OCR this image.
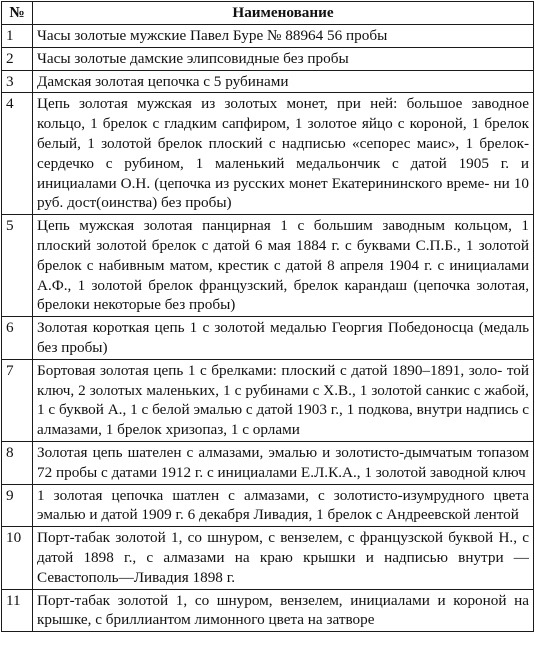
№	Наименование
1	Часы золотые мужские Павел Буре № 88964 56 пробы
2	Часы золотые дамские элипсовидные без пробы
3	Дамская золотая цепочка с 5 рубинами
4	Цепь золотая мужская из золотых монет, при ней: большое заводное кольцо, 1 брелок с гладким сапфиром, 1 золотое яйцо с короной, 1 брелок белый, 1 золотой брелок плоский с надписью «сепорес маис», 1 брелок-сердечко с рубином, 1 маленький медальончик с датой 1905 г. и инициалами О.Н. (цепочка из русских монет Екатерининского време- ни 10 руб. дост(оинства) без пробы)
5	Цепь мужская золотая панцирная 1 с большим заводным кольцом, 1 плоский золотой брелок с датой 6 мая 1884 г. с буквами С.П.Б., 1 золотой брелок с набивным матом, крестик с датой 8 апреля 1904 г. с инициалами А.Ф., 1 золотой брелок французский, брелок карандаш (цепочка золотая, брелоки некоторые без пробы)
6	Золотая короткая цепь 1 с золотой медалью Георгия Победоносца (медаль без пробы)
7	Бортовая золотая цепь 1 с брелками: плоский с датой 1890–1891, золо- той ключ, 2 золотых маленьких, 1 с рубинами с Х.В., 1 золотой санкис с жабой, 1 с буквой А., 1 с белой эмалью с датой 1903 г., 1 подкова, внутри надпись с алмазами, 1 брелок хризопаз, 1 с орлами
8	Золотая цепь шателен с алмазами, эмалью и золотисто-дымчатым топазом 72 пробы с датами 1912 г. с инициалами Е.Л.К.А., 1 золотой заводной ключ
9	1 золотая цепочка шатлен с алмазами, с золотисто-изумрудного цвета эмалью и датой 1909 г. 6 декабря Ливадия, 1 брелок с Андреевской лентой
10	Порт-табак золотой 1, со шнуром, с вензелем, с французской буквой Н., с датой 1898 г., с алмазами на краю крышки и надписью внутри — Севастополь—Ливадия 1898 г.
11	Порт-табак золотой 1, со шнуром, вензелем, инициалами и короной на крышке, с бриллиантом лимонного цвета на затворе
